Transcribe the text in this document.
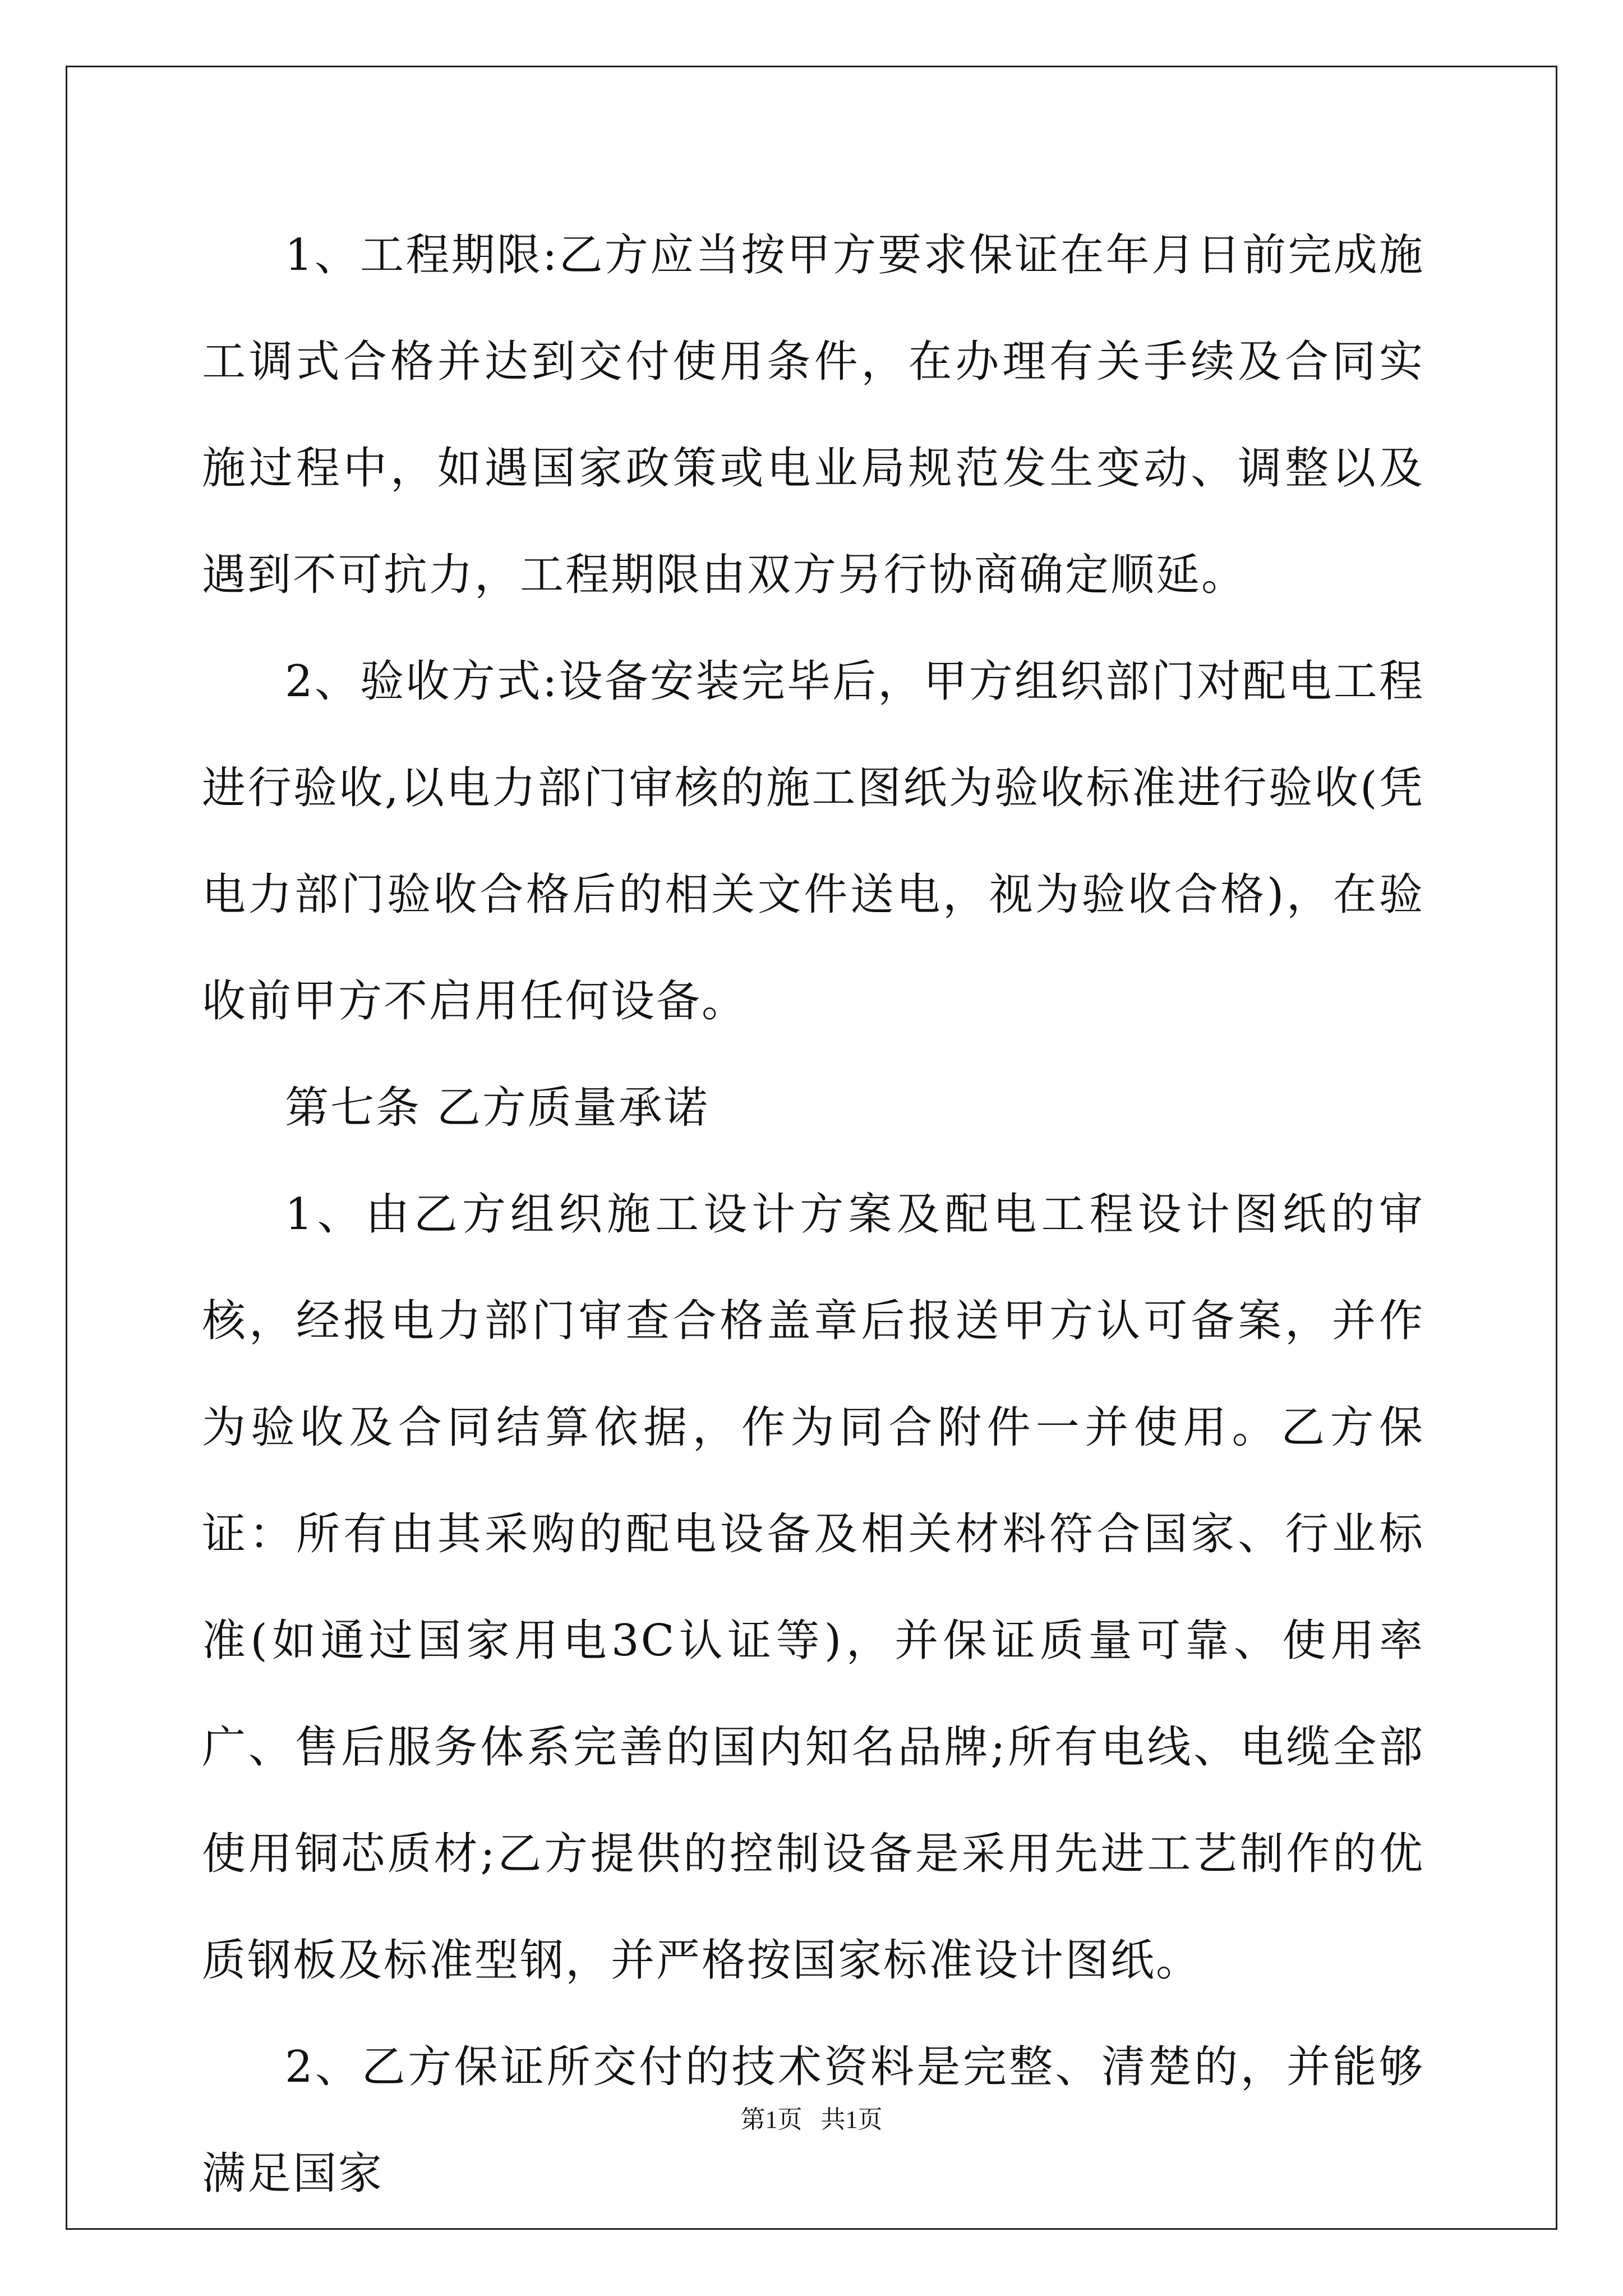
1、工程期限:乙方应当按甲方要求保证在年月日前完成施工调式合格并达到交付使用条件，在办理有关手续及合同实施过程中，如遇国家政策或电业局规范发生变动、调整以及遇到不可抗力，工程期限由双方另行协商确定顺延。

2、验收方式:设备安装完毕后，甲方组织部门对配电工程进行验收,以电力部门审核的施工图纸为验收标准进行验收(凭电力部门验收合格后的相关文件送电，视为验收合格)，在验收前甲方不启用任何设备。

第七条 乙方质量承诺

1、由乙方组织施工设计方案及配电工程设计图纸的审核，经报电力部门审查合格盖章后报送甲方认可备案，并作为验收及合同结算依据，作为同合附件一并使用。乙方保证：所有由其采购的配电设备及相关材料符合国家、行业标准(如通过国家用电3C认证等)，并保证质量可靠、使用率广、售后服务体系完善的国内知名品牌;所有电线、电缆全部使用铜芯质材;乙方提供的控制设备是采用先进工艺制作的优质钢板及标准型钢，并严格按国家标准设计图纸。

2、乙方保证所交付的技术资料是完整、清楚的，并能够满足国家

第1页   共1页
